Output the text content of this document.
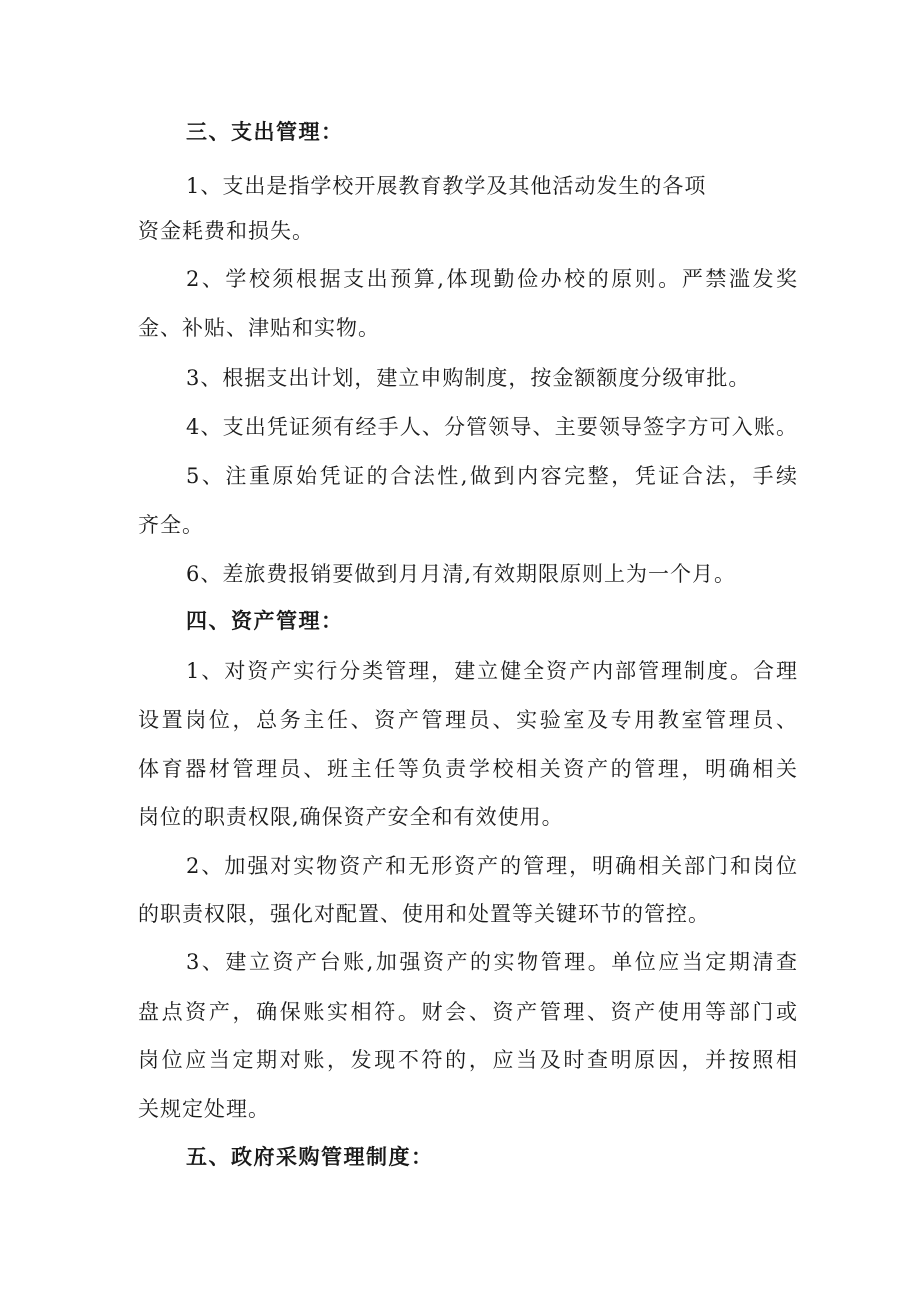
三、支出管理：
1、支出是指学校开展教育教学及其他活动发生的各项
资金耗费和损失。
2、学校须根据支出预算,体现勤俭办校的原则。严禁滥发奖
金、补贴、津贴和实物。
3、根据支出计划，建立申购制度，按金额额度分级审批。
4、支出凭证须有经手人、分管领导、主要领导签字方可入账。
5、注重原始凭证的合法性,做到内容完整，凭证合法，手续
齐全。
6、差旅费报销要做到月月清,有效期限原则上为一个月。
四、资产管理：
1、对资产实行分类管理，建立健全资产内部管理制度。合理
设置岗位，总务主任、资产管理员、实验室及专用教室管理员、
体育器材管理员、班主任等负责学校相关资产的管理，明确相关
岗位的职责权限,确保资产安全和有效使用。
2、加强对实物资产和无形资产的管理，明确相关部门和岗位
的职责权限，强化对配置、使用和处置等关键环节的管控。
3、建立资产台账,加强资产的实物管理。单位应当定期清查
盘点资产，确保账实相符。财会、资产管理、资产使用等部门或
岗位应当定期对账，发现不符的，应当及时查明原因，并按照相
关规定处理。
五、政府采购管理制度：
